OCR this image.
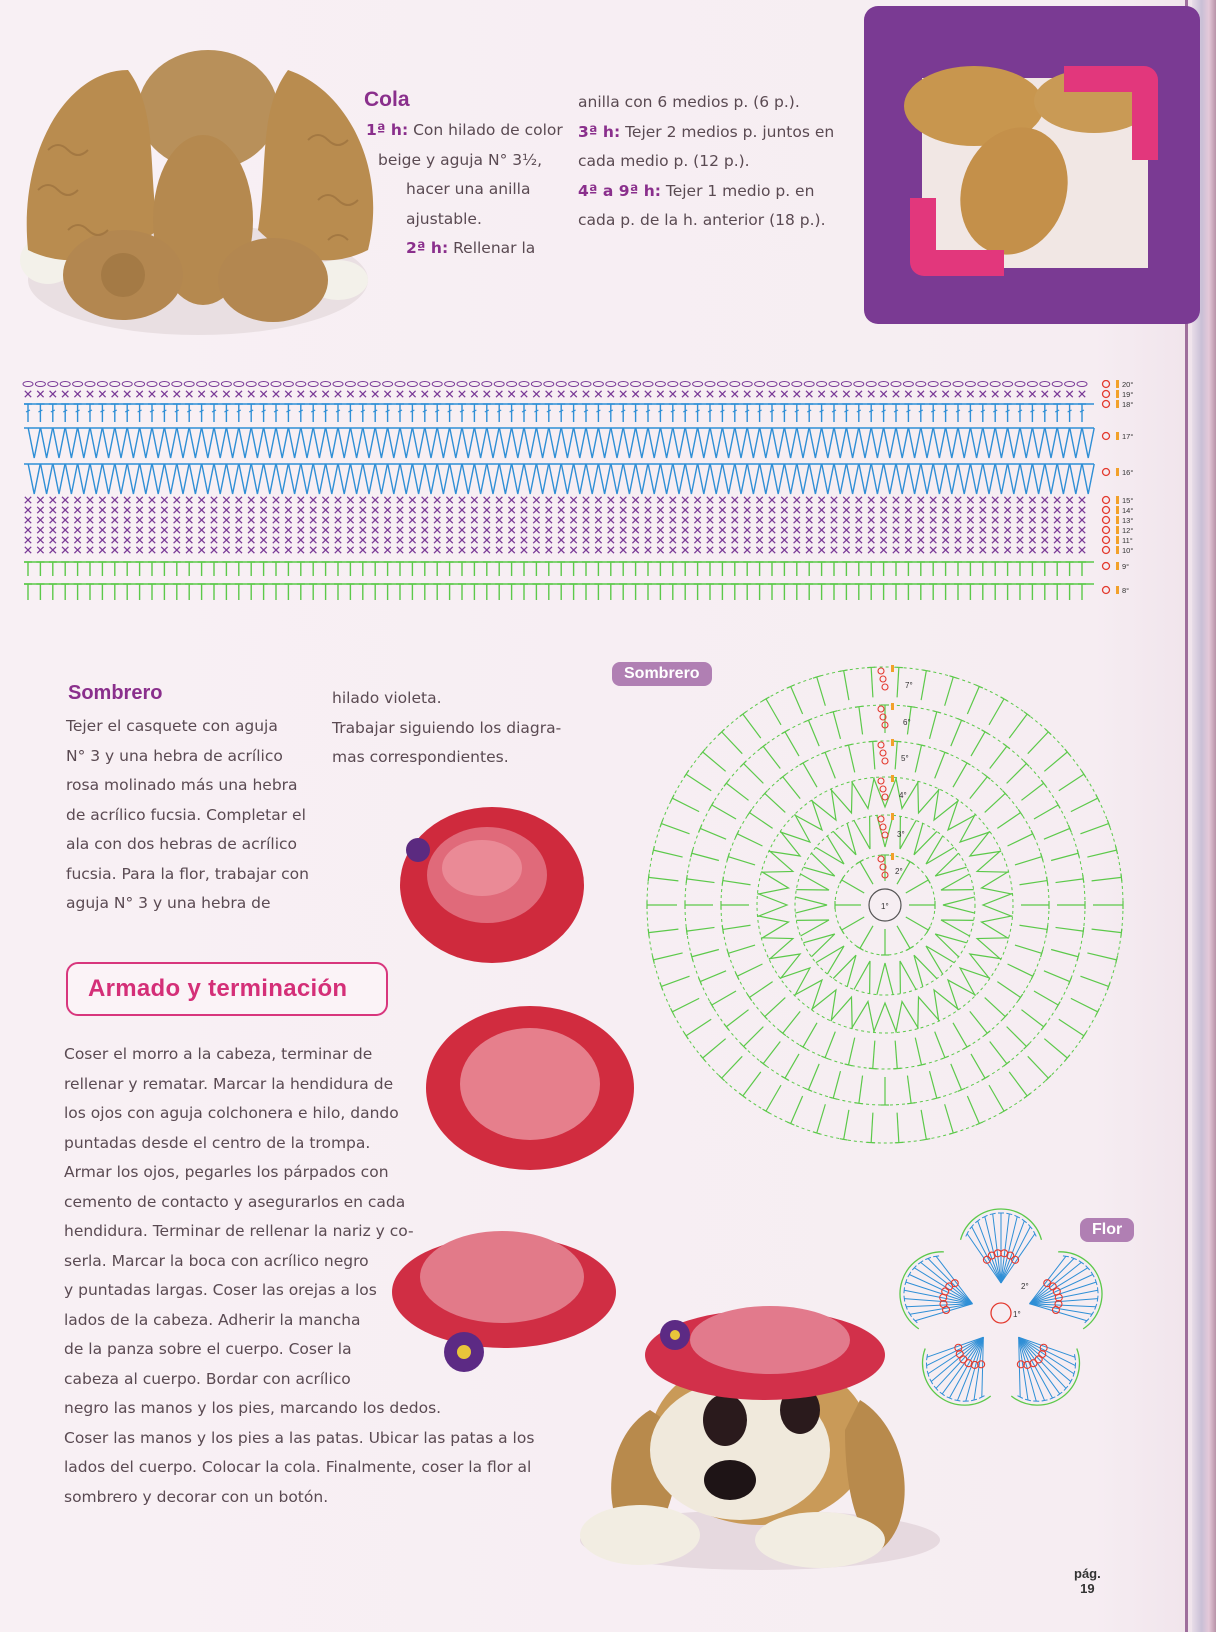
Cola
1ª h: Con hilado de color
beige y aguja N° 3½,
hacer una anilla
ajustable.
2ª h: Rellenar la
anilla con 6 medios p. (6 p.).
3ª h: Tejer 2 medios p. juntos en
cada medio p. (12 p.).
4ª a 9ª h: Tejer 1 medio p. en
cada p. de la h. anterior (18 p.).
20°
19°
18°
17°
16°
15°
14°
13°
12°
11°
10°
9°
8°
Sombrero
Tejer el casquete con aguja
N° 3 y una hebra de acrílico
rosa molinado más una hebra
de acrílico fucsia. Completar el
ala con dos hebras de acrílico
fucsia. Para la flor, trabajar con
aguja N° 3 y una hebra de
hilado violeta.
Trabajar siguiendo los diagra-
mas correspondientes.
Armado y terminación
Coser el morro a la cabeza, terminar de
rellenar y rematar. Marcar la hendidura de
los ojos con aguja colchonera e hilo, dando
puntadas desde el centro de la trompa.
Armar los ojos, pegarles los párpados con
cemento de contacto y asegurarlos en cada
hendidura. Terminar de rellenar la nariz y co-
serla. Marcar la boca con acrílico negro
y puntadas largas. Coser las orejas a los
lados de la cabeza. Adherir la mancha
de la panza sobre el cuerpo. Coser la
cabeza al cuerpo. Bordar con acrílico
negro las manos y los pies, marcando los dedos.
Coser las manos y los pies a las patas. Ubicar las patas a los
lados del cuerpo. Colocar la cola. Finalmente, coser la flor al
sombrero y decorar con un botón.
Sombrero
1°
2°
3°
4°
5°
6°
7°
Flor
1°
2°
pág.
19
